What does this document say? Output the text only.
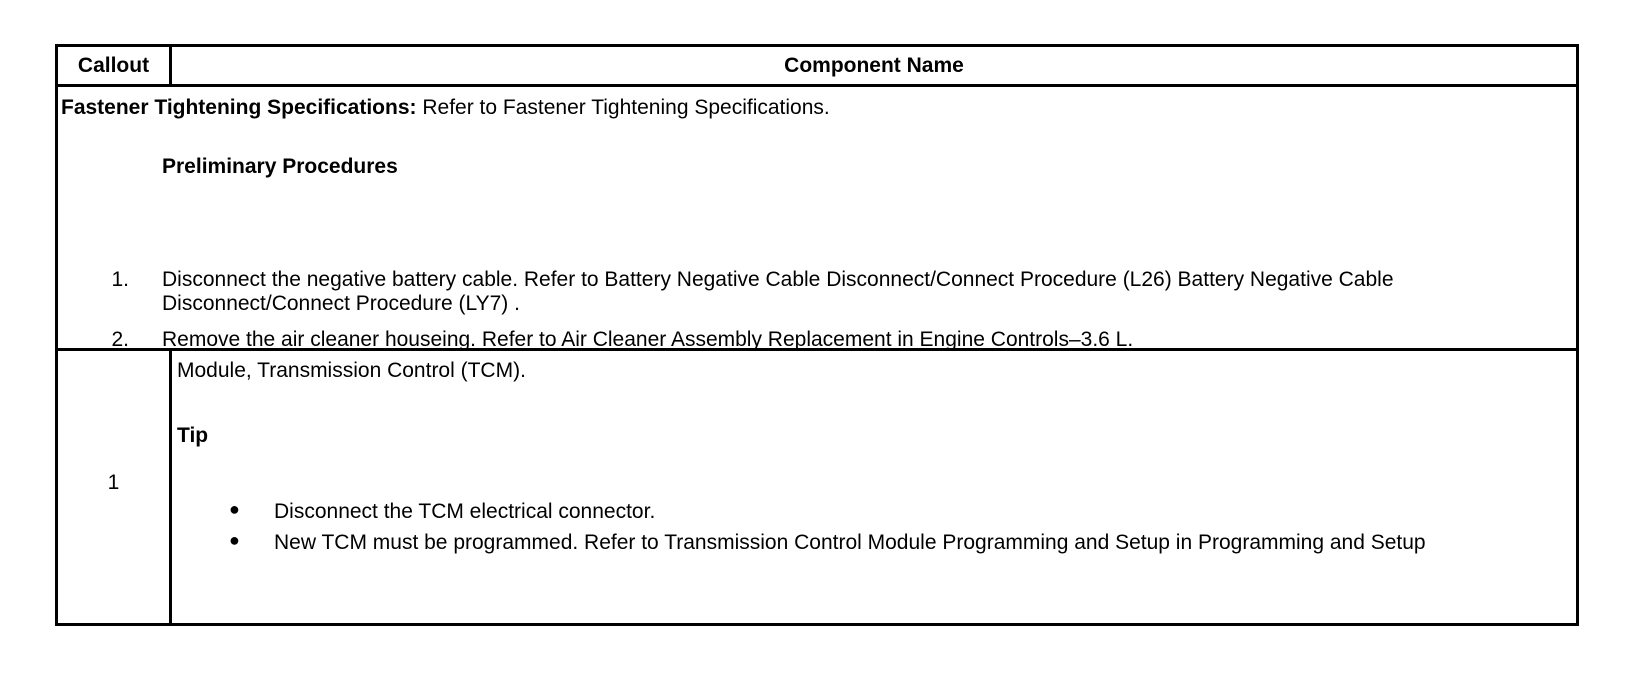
Callout	Component Name
Fastener Tightening Specifications: Refer to Fastener Tightening Specifications.
Preliminary Procedures
1. Disconnect the negative battery cable. Refer to Battery Negative Cable Disconnect/Connect Procedure (L26) Battery Negative Cable Disconnect/Connect Procedure (LY7) .
2. Remove the air cleaner houseing. Refer to Air Cleaner Assembly Replacement in Engine Controls–3.6 L.
1
Module, Transmission Control (TCM).
Tip
● Disconnect the TCM electrical connector.
● New TCM must be programmed. Refer to Transmission Control Module Programming and Setup in Programming and Setup
